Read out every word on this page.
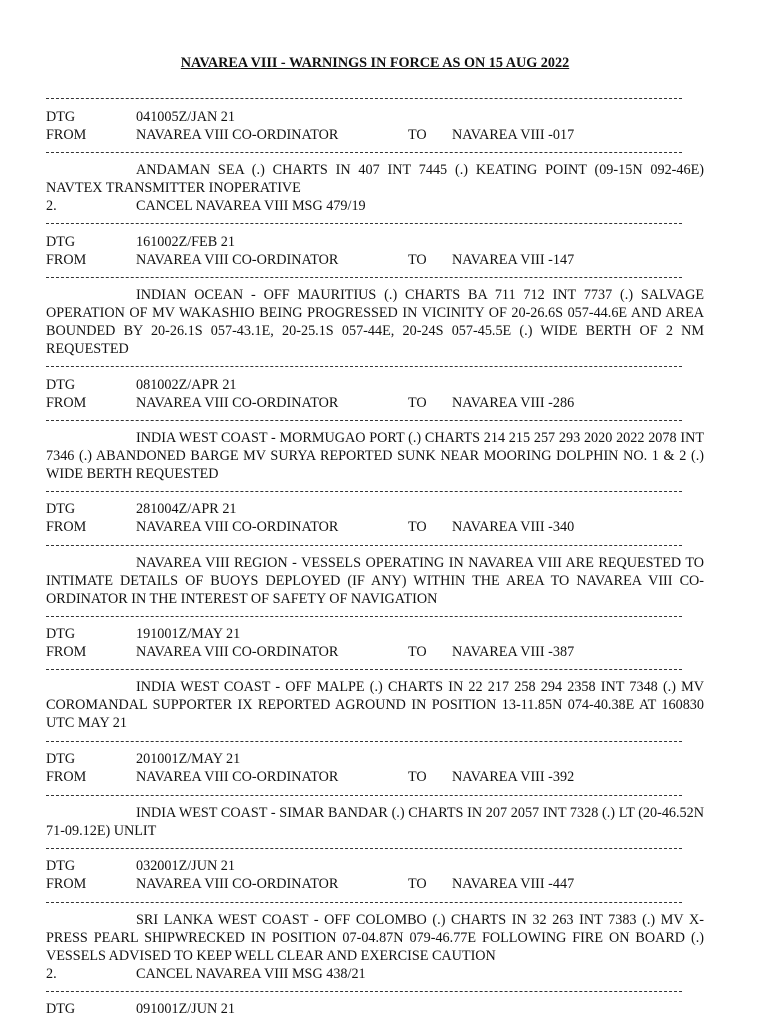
NAVAREA VIII - WARNINGS IN FORCE AS ON 15 AUG 2022
DTG	041005Z/JAN 21
FROM	NAVAREA VIII CO-ORDINATOR	TO NAVAREA VIII -017
ANDAMAN SEA (.) CHARTS IN 407 INT 7445 (.) KEATING POINT (09-15N 092-46E) NAVTEX TRANSMITTER INOPERATIVE
2.	CANCEL NAVAREA VIII MSG 479/19
DTG	161002Z/FEB 21
FROM	NAVAREA VIII CO-ORDINATOR	TO NAVAREA VIII -147
INDIAN OCEAN - OFF MAURITIUS (.) CHARTS BA 711 712 INT 7737 (.) SALVAGE OPERATION OF MV WAKASHIO BEING PROGRESSED IN VICINITY OF 20-26.6S 057-44.6E AND AREA BOUNDED BY 20-26.1S 057-43.1E, 20-25.1S 057-44E, 20-24S 057-45.5E (.) WIDE BERTH OF 2 NM REQUESTED
DTG	081002Z/APR 21
FROM	NAVAREA VIII CO-ORDINATOR	TO NAVAREA VIII -286
INDIA WEST COAST - MORMUGAO PORT (.) CHARTS 214 215 257 293 2020 2022 2078 INT 7346 (.) ABANDONED BARGE MV SURYA REPORTED SUNK NEAR MOORING DOLPHIN NO. 1 & 2 (.) WIDE BERTH REQUESTED
DTG	281004Z/APR 21
FROM	NAVAREA VIII CO-ORDINATOR	TO NAVAREA VIII -340
NAVAREA VIII REGION - VESSELS OPERATING IN NAVAREA VIII ARE REQUESTED TO INTIMATE DETAILS OF BUOYS DEPLOYED (IF ANY) WITHIN THE AREA TO NAVAREA VIII CO-ORDINATOR IN THE INTEREST OF SAFETY OF NAVIGATION
DTG	191001Z/MAY 21
FROM	NAVAREA VIII CO-ORDINATOR	TO NAVAREA VIII -387
INDIA WEST COAST - OFF MALPE (.) CHARTS IN 22 217 258 294 2358 INT 7348 (.) MV COROMANDAL SUPPORTER IX REPORTED AGROUND IN POSITION 13-11.85N 074-40.38E AT 160830 UTC MAY 21
DTG	201001Z/MAY 21
FROM	NAVAREA VIII CO-ORDINATOR	TO NAVAREA VIII -392
INDIA WEST COAST - SIMAR BANDAR (.) CHARTS IN 207 2057 INT 7328 (.) LT (20-46.52N 71-09.12E) UNLIT
DTG	032001Z/JUN 21
FROM	NAVAREA VIII CO-ORDINATOR	TO NAVAREA VIII -447
SRI LANKA WEST COAST - OFF COLOMBO (.) CHARTS IN 32 263 INT 7383 (.) MV X-PRESS PEARL SHIPWRECKED IN POSITION 07-04.87N 079-46.77E FOLLOWING FIRE ON BOARD (.) VESSELS ADVISED TO KEEP WELL CLEAR AND EXERCISE CAUTION
2.	CANCEL NAVAREA VIII MSG 438/21
DTG	091001Z/JUN 21
